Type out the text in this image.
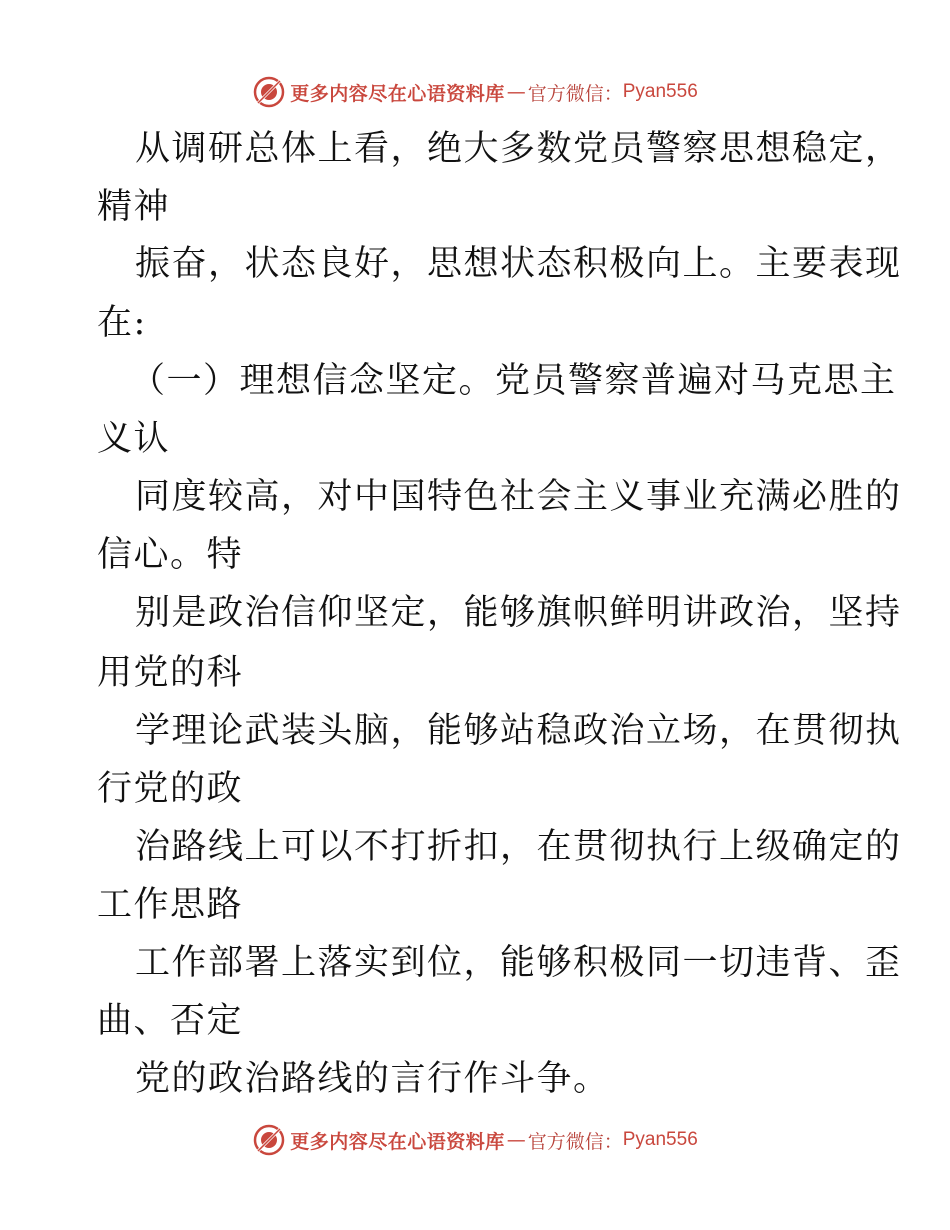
更多内容尽在心语资料库 — 官方微信： Pyan556
从调研总体上看，绝大多数党员警察思想稳定，
精神
振奋，状态良好，思想状态积极向上。主要表现
在:
（一）理想信念坚定。党员警察普遍对马克思主
义认
同度较高，对中国特色社会主义事业充满必胜的
信心。特
别是政治信仰坚定，能够旗帜鲜明讲政治，坚持
用党的科
学理论武装头脑，能够站稳政治立场，在贯彻执
行党的政
治路线上可以不打折扣，在贯彻执行上级确定的
工作思路
工作部署上落实到位，能够积极同一切违背、歪
曲、否定
党的政治路线的言行作斗争。
更多内容尽在心语资料库 — 官方微信： Pyan556
